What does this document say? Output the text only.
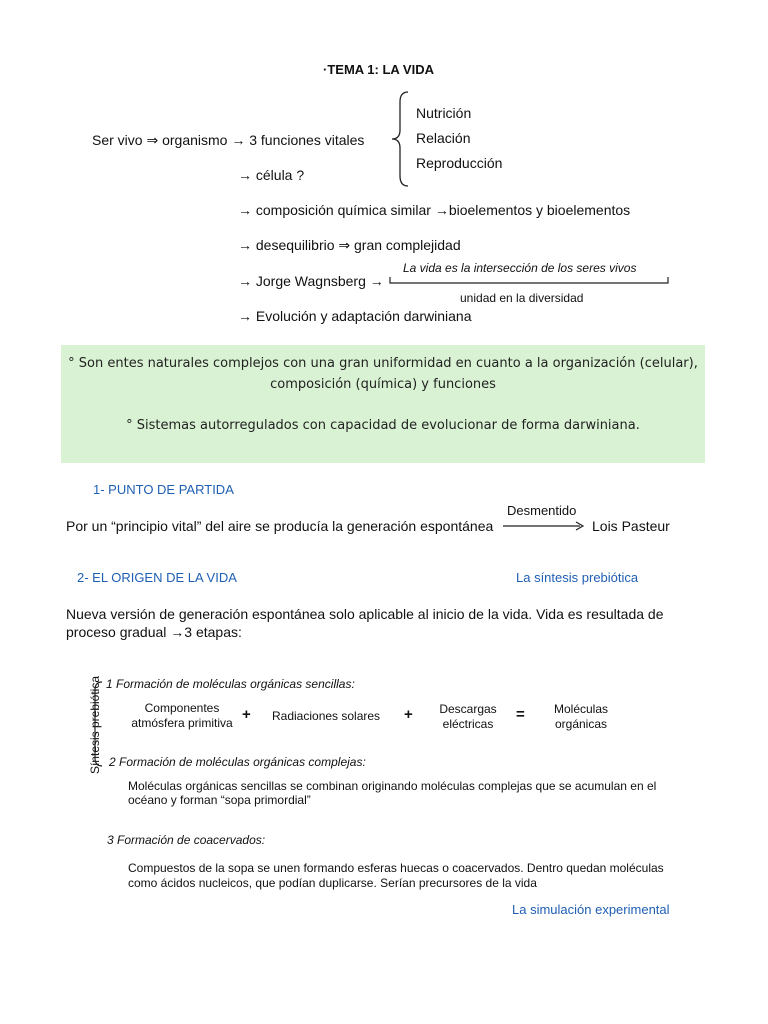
·TEMA 1: LA VIDA
Ser vivo ⇒ organismo → 3 funciones vitales
Nutrición
Relación
Reproducción
→ célula ?
→ composición química similar →bioelementos y bioelementos
→ desequilibrio ⇒ gran complejidad
→ Jorge Wagnsberg →
La vida es la intersección de los seres vivos
unidad en la diversidad
→ Evolución y adaptación darwiniana
° Son entes naturales complejos con una gran uniformidad en cuanto a la organización (celular),
composición (química) y funciones
° Sistemas autorregulados con capacidad de evolucionar de forma darwiniana.
1- PUNTO DE PARTIDA
Desmentido
Por un “principio vital” del aire se producía la generación espontánea	Lois Pasteur
2- EL ORIGEN DE LA VIDA	La síntesis prebiótica
Nueva versión de generación espontánea solo aplicable al inicio de la vida. Vida es resultada de
proceso gradual →3 etapas:
Síntesis prebiótica 1 Formación de moléculas orgánicas sencillas:
Componentes
atmósfera primitiva + Radiaciones solares +	Descargas
eléctricas
=	Moléculas
orgánicas
2 Formación de moléculas orgánicas complejas:
Moléculas orgánicas sencillas se combinan originando moléculas complejas que se acumulan en el
océano y forman “sopa primordial”
3 Formación de coacervados:
Compuestos de la sopa se unen formando esferas huecas o coacervados. Dentro quedan moléculas
como ácidos nucleicos, que podían duplicarse. Serían precursores de la vida
La simulación experimental
